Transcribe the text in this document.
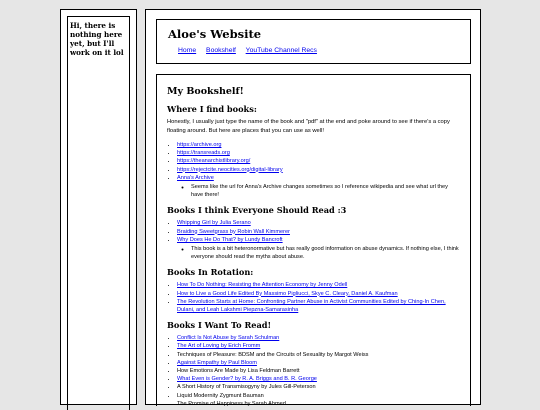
Hi, there is nothing here yet, but I'll work on it lol
Aloe's Website
Home Bookshelf YouTube Channel Recs
My Bookshelf!
Where I find books:

Honestly, I usually just type the name of the book and "pdf" at the end and poke around to see if there's a copy floating around. But here are places that you can use as well!

• https://archive.org
• https://transreads.org
• https://theanarchistlibrary.org/
• https://rejectcite.neocities.org/digital-library
• Anna's Archive
◦ Seems like the url for Anna's Archive changes sometimes so I reference wikipedia and see what url they have there!
Books I think Everyone Should Read :3
• Whipping Girl by Julia Serano
• Braiding Sweetgrass by Robin Wall Kimmerer
• Why Does He Do That? by Lundy Bancroft
◦ This book is a bit heteronormative but has really good information on abuse dynamics. If nothing else, I think everyone should read the myths about abuse.
Books In Rotation:
• How To Do Nothing: Resisting the Attention Economy by Jenny Odell
• How to Live a Good Life Edited By Massimo Pigliucci, Skye C. Cleary, Daniel A. Kaufman
• The Revolution Starts at Home: Confronting Partner Abuse in Activist Communities Edited by Ching-In Chen, Dulani, and Leah Lakshmi Piepzna-Samarasinha
Books I Want To Read!
• Conflict Is Not Abuse by Sarah Schulman
• The Art of Loving by Erich Fromm
• Techniques of Pleasure: BDSM and the Circuits of Sexuality by Margot Weiss
• Against Empathy by Paul Bloom
• How Emotions Are Made by Lisa Feldman Barrett
• What Even is Gender? by R. A. Briggs and B. R. George
• A Short History of Transmisogyny by Jules Gill-Peterson
• Liquid Modernity Zygmunt Bauman
• The Promise of Happiness by Sarah Ahmed
